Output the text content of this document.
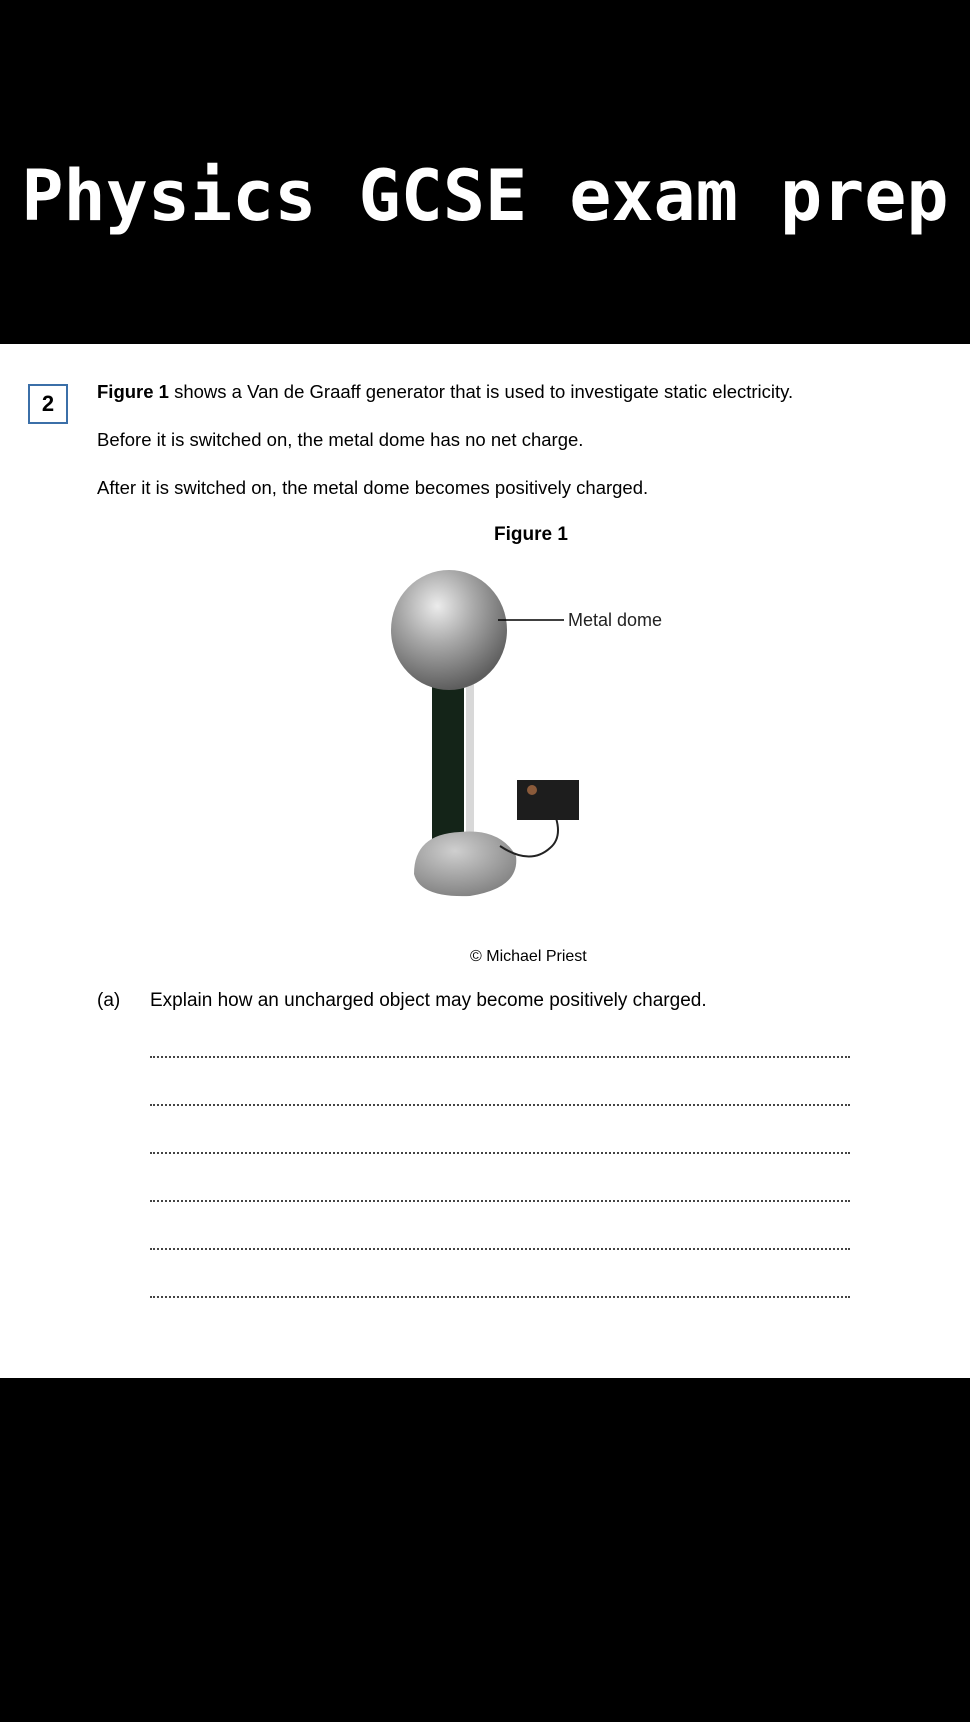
Physics GCSE exam prep
2	Figure 1 shows a Van de Graaff generator that is used to investigate static electricity.
Before it is switched on, the metal dome has no net charge.
After it is switched on, the metal dome becomes positively charged.
Figure 1
Metal dome
© Michael Priest
(a) Explain how an uncharged object may become positively charged.
